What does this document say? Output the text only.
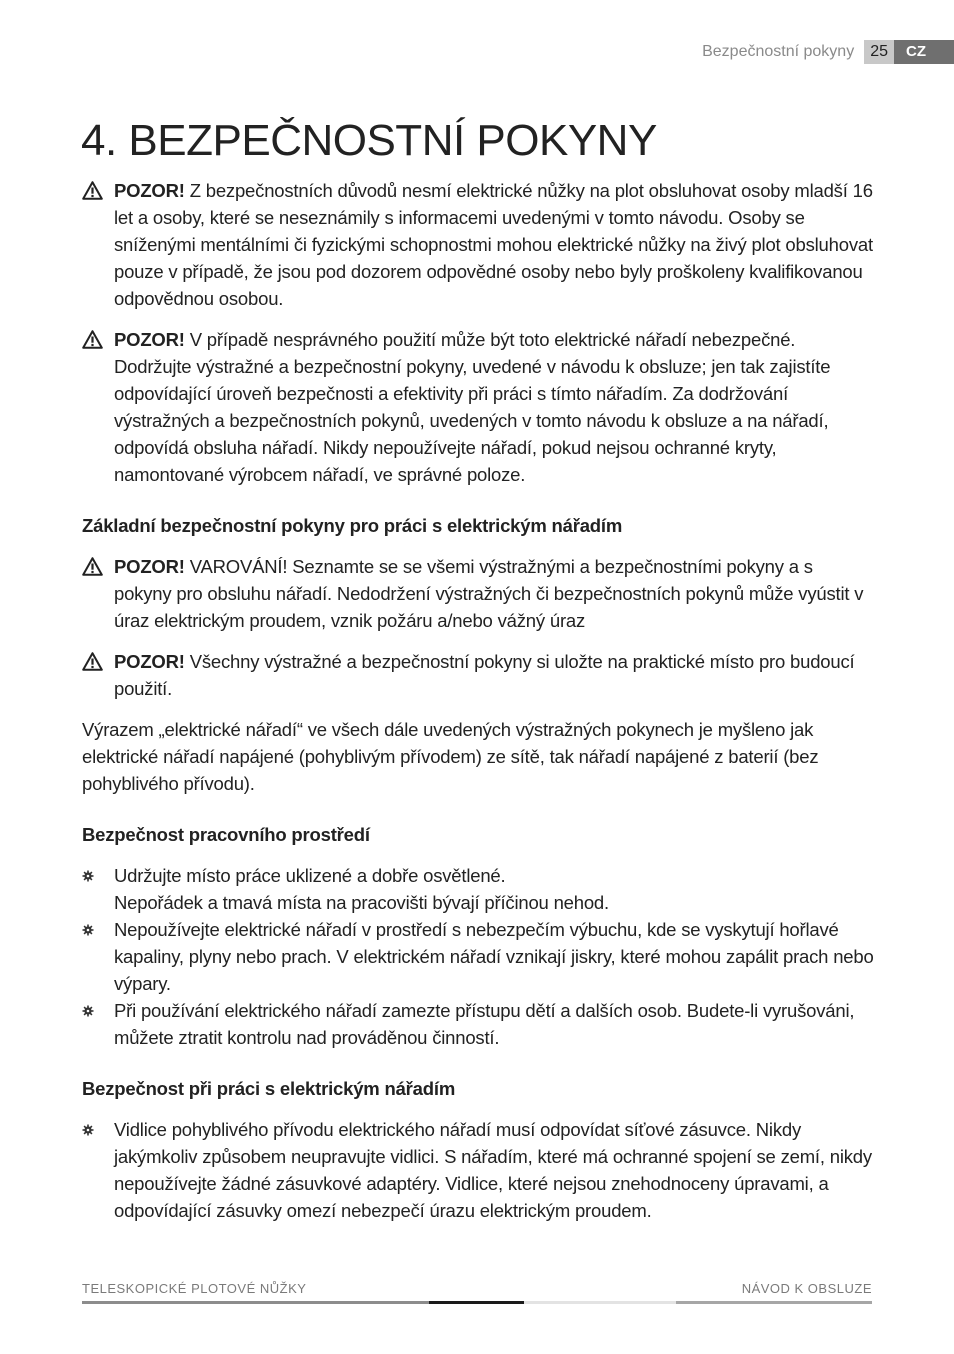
Bezpečnostní pokyny	25	CZ
4. BEZPEČNOSTNÍ POKYNY

POZOR! Z bezpečnostních důvodů nesmí elektrické nůžky na plot obsluhovat osoby mladší 16 let a osoby, které se neseznámily s informacemi uvedenými v tomto návodu. Osoby se sníženými mentálními či fyzickými schopnostmi mohou elektrické nůžky na živý plot obsluhovat pouze v případě, že jsou pod dozorem odpovědné osoby nebo byly proškoleny kvalifikovanou odpovědnou osobou.

POZOR! V případě nesprávného použití může být toto elektrické nářadí nebezpečné. Dodržujte výstražné a bezpečnostní pokyny, uvedené v návodu k obsluze; jen tak zajistíte odpovídající úroveň bezpečnosti a efektivity při práci s tímto nářadím. Za dodržování výstražných a bezpečnostních pokynů, uvedených v tomto návodu k obsluze a na nářadí, odpovídá obsluha nářadí. Nikdy nepoužívejte nářadí, pokud nejsou ochranné kryty, namontované výrobcem nářadí, ve správné poloze.

Základní bezpečnostní pokyny pro práci s elektrickým nářadím

POZOR! VAROVÁNÍ! Seznamte se se všemi výstražnými a bezpečnostními pokyny a s pokyny pro obsluhu nářadí. Nedodržení výstražných či bezpečnostních pokynů může vyústit v úraz elektrickým proudem, vznik požáru a/nebo vážný úraz

POZOR! Všechny výstražné a bezpečnostní pokyny si uložte na praktické místo pro budoucí použití.

Výrazem „elektrické nářadí“ ve všech dále uvedených výstražných pokynech je myšleno jak elektrické nářadí napájené (pohyblivým přívodem) ze sítě, tak nářadí napájené z baterií (bez pohyblivého přívodu).

Bezpečnost pracovního prostředí
Udržujte místo práce uklizené a dobře osvětlené.
Nepořádek a tmavá místa na pracovišti bývají příčinou nehod.
Nepoužívejte elektrické nářadí v prostředí s nebezpečím výbuchu, kde se vyskytují hořlavé kapaliny, plyny nebo prach. V elektrickém nářadí vznikají jiskry, které mohou zapálit prach nebo výpary.
Při používání elektrického nářadí zamezte přístupu dětí a dalších osob. Budete-li vyrušováni, můžete ztratit kontrolu nad prováděnou činností.
Bezpečnost při práci s elektrickým nářadím
Vidlice pohyblivého přívodu elektrického nářadí musí odpovídat síťové zásuvce. Nikdy jakýmkoliv způsobem neupravujte vidlici. S nářadím, které má ochranné spojení se zemí, nikdy nepoužívejte žádné zásuvkové adaptéry. Vidlice, které nejsou znehodnoceny úpravami, a odpovídající zásuvky omezí nebezpečí úrazu elektrickým proudem.
TELESKOPICKÉ PLOTOVÉ NŮŽKY	NÁVOD K OBSLUZE
